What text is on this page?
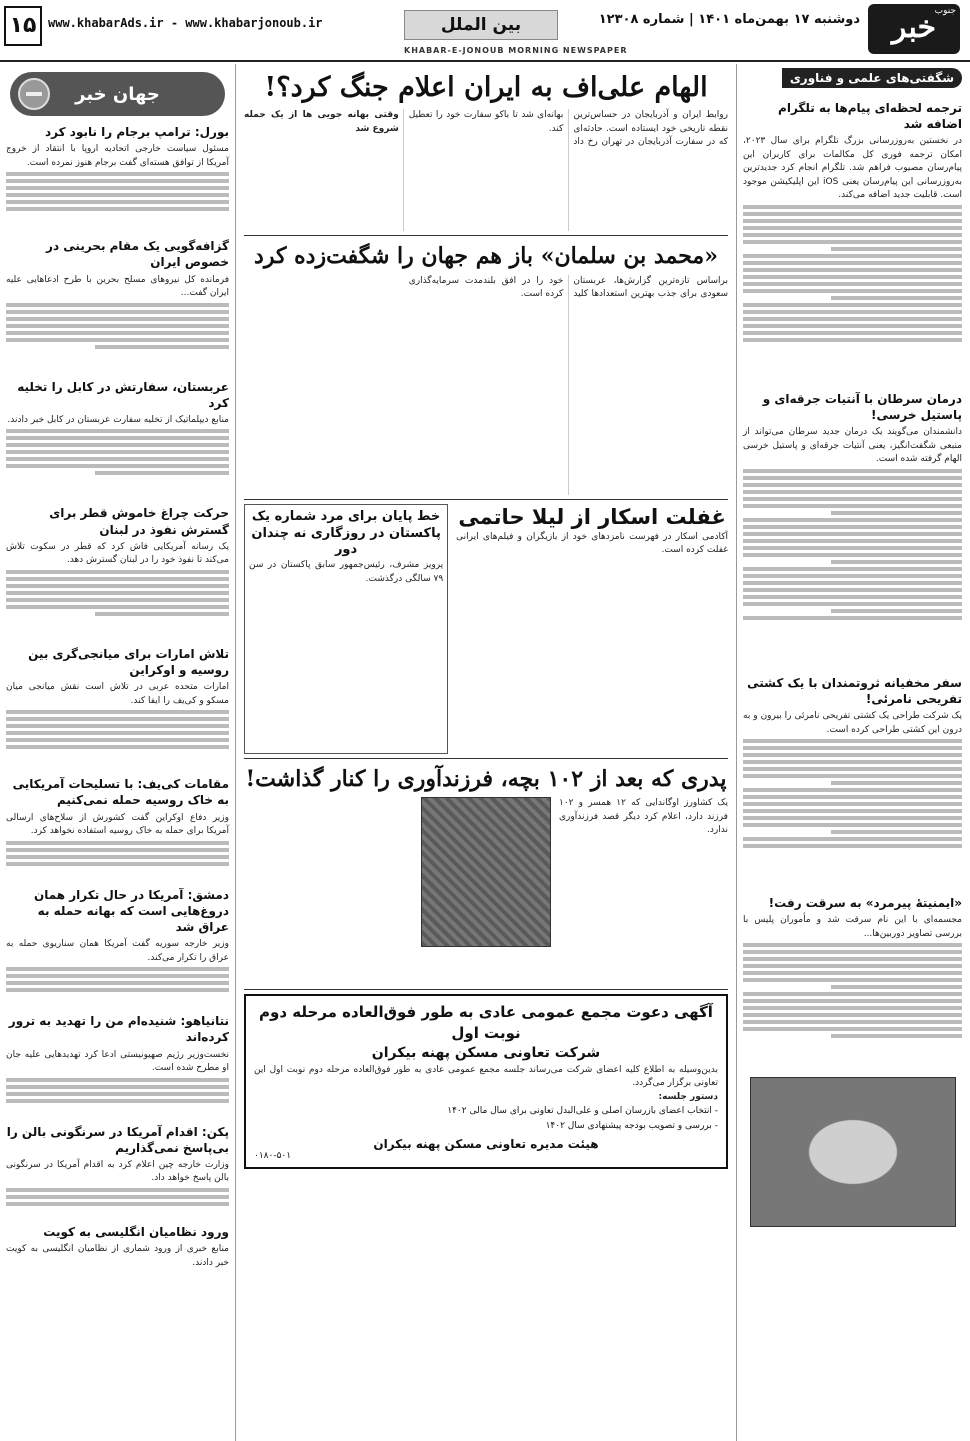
جنوب
خبر
دوشنبه ۱۷ بهمن‌ماه ۱۴۰۱ | شماره ۱۲۳۰۸
بین الملل
www.khabarAds.ir - www.khabarjonoub.ir
۱۵
KHABAR-E-JONOUB MORNING NEWSPAPER
شگفتی‌های علمی و فناوری
ترجمه لحظه‌ای پیام‌ها به تلگرام اضافه شد

در نخستین به‌روزرسانی بزرگ تلگرام برای سال ۲۰۲۳، امکان ترجمه فوری کل مکالمات برای کاربران این پیام‌رسان مصیوب فراهم شد. تلگرام انجام کرد جدیدترین به‌روزرسانی این پیام‌رسان یعنی iOS این اپلیکیشن موجود است. قابلیت جدید اضافه می‌کند.

درمان سرطان با آنتیات جرقه‌ای و پاستیل خرسی!

دانشمندان می‌گویند یک درمان جدید سرطان می‌تواند از منبعی شگفت‌انگیز، یعنی آنتیات جرقه‌ای و پاستیل خرسی الهام گرفته شده است.

سفر مخفیانه ثروتمندان با یک کشتی تفریحی نامرئی!

یک شرکت طراحی یک کشتی تفریحی نامرئی را بیرون و به درون این کشتی طراحی کرده است.

«ایمنیتهٔ پیرمرد» به سرقت رفت!

مجسمه‌ای با این نام سرقت شد و مأموران پلیس با بررسی تصاویر دوربین‌ها...

جهان خبر
بورل: ترامپ برجام را نابود کرد

مسئول سیاست خارجی اتحادیه اروپا با انتقاد از خروج آمریکا از توافق هسته‌ای گفت برجام هنوز نمرده است.

گزافه‌گویی یک مقام بحرینی در خصوص ایران

فرمانده کل نیروهای مسلح بحرین با طرح ادعاهایی علیه ایران گفت...

عربستان، سفارتش در کابل را تخلیه کرد

منابع دیپلماتیک از تخلیه سفارت عربستان در کابل خبر دادند.

حرکت چراغ خاموش قطر برای گسترش نفوذ در لبنان

یک رسانه آمریکایی فاش کرد که قطر در سکوت تلاش می‌کند تا نفوذ خود را در لبنان گسترش دهد.

تلاش امارات برای میانجی‌گری بین روسیه و اوکراین

امارات متحده عربی در تلاش است نقش میانجی میان مسکو و کی‌یف را ایفا کند.

مقامات کی‌یف: با تسلیحات آمریکایی به خاک روسیه حمله نمی‌کنیم

وزیر دفاع اوکراین گفت کشورش از سلاح‌های ارسالی آمریکا برای حمله به خاک روسیه استفاده نخواهد کرد.

دمشق: آمریکا در حال تکرار همان دروغ‌هایی است که بهانه حمله به عراق شد

وزیر خارجه سوریه گفت آمریکا همان سناریوی حمله به عراق را تکرار می‌کند.

نتانیاهو: شنیده‌ام من را تهدید به ترور کرده‌اند

نخست‌وزیر رژیم صهیونیستی ادعا کرد تهدیدهایی علیه جان او مطرح شده است.

پکن: اقدام آمریکا در سرنگونی بالن را بی‌پاسخ نمی‌گذاریم

وزارت خارجه چین اعلام کرد به اقدام آمریکا در سرنگونی بالن پاسخ خواهد داد.

ورود نظامیان انگلیسی به کویت

منابع خبری از ورود شماری از نظامیان انگلیسی به کویت خبر دادند.

الهام علی‌اف به ایران اعلام جنگ کرد؟!

روابط ایران و آذربایجان در حساس‌ترین نقطه تاریخی خود ایستاده است. حادثه‌ای که در سفارت آذربایجان در تهران رخ داد بهانه‌ای شد تا باکو سفارت خود را تعطیل کند.

وقتی بهانه جویی ها از یک حمله شروع شد

«محمد بن سلمان» باز هم جهان را شگفت‌زده کرد

براساس تازه‌ترین گزارش‌ها، عربستان سعودی برای جذب بهترین استعدادها کلید خود را در افق بلند‌مدت سرمایه‌گذاری کرده است.

غفلت اسکار از لیلا حاتمی

آکادمی اسکار در فهرست نامزدهای خود از بازیگران و فیلم‌های ایرانی غفلت کرده است.

خط پایان برای مرد شماره یک پاکستان در روزگاری نه چندان دور

پرویز مشرف، رئیس‌جمهور سابق پاکستان در سن ۷۹ سالگی درگذشت.

پدری که بعد از ۱۰۲ بچه، فرزندآوری را کنار گذاشت!

یک کشاورز اوگاندایی که ۱۲ همسر و ۱۰۲ فرزند دارد، اعلام کرد دیگر قصد فرزندآوری ندارد.

آگهی دعوت مجمع عمومی عادی به طور فوق‌العاده مرحله دوم نوبت اول
شرکت تعاونی مسکن پهنه بیکران

بدین‌وسیله به اطلاع کلیه اعضای شرکت می‌رساند جلسه مجمع عمومی عادی به طور فوق‌العاده مرحله دوم نوبت اول این تعاونی برگزار می‌گردد.

دستور جلسه:

- انتخاب اعضای بازرسان اصلی و علی‌البدل تعاونی برای سال مالی ۱۴۰۲
- بررسی و تصویب بودجه پیشنهادی سال ۱۴۰۲
هیئت مدیره تعاونی مسکن پهنه بیکران
۰۱۸۰-۵۰۱
